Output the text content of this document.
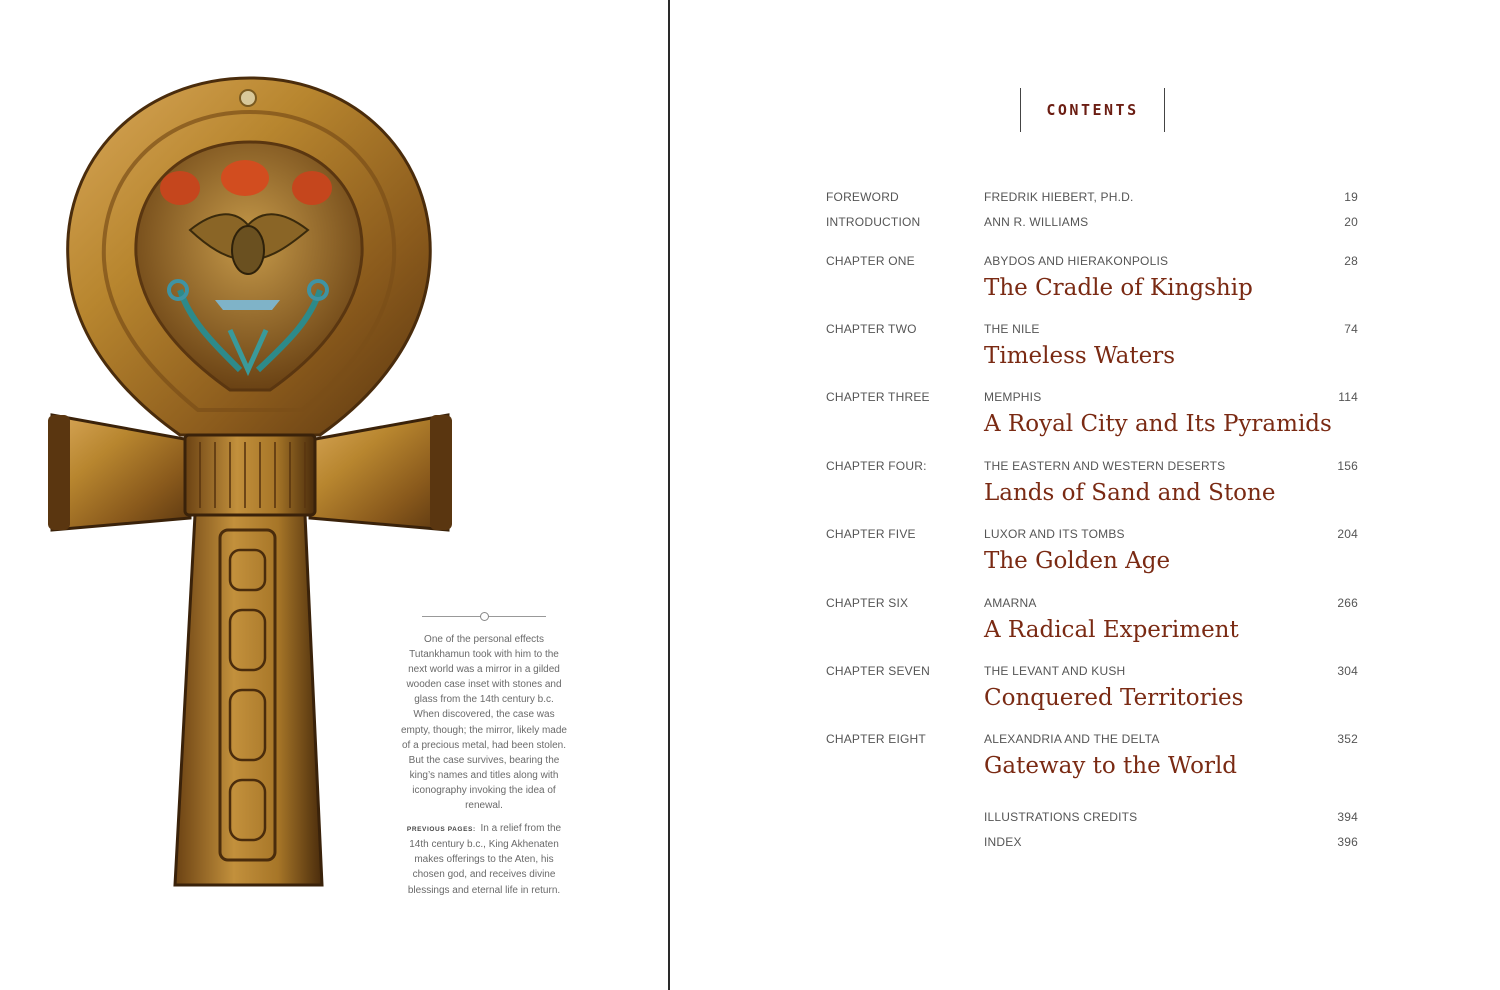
One of the personal effects Tutankhamun took with him to the next world was a mirror in a gilded wooden case inset with stones and glass from the 14th century b.c. When discovered, the case was empty, though; the mirror, likely made of a precious metal, had been stolen. But the case survives, bearing the king’s names and titles along with iconography invoking the idea of renewal.

PREVIOUS PAGES: In a relief from the 14th century b.c., King Akhenaten makes offerings to the Aten, his chosen god, and receives divine blessings and eternal life in return.

CONTENTS
FOREWORD	FREDRIK HIEBERT, PH.D.	19
INTRODUCTION	ANN R. WILLIAMS	20
CHAPTER ONE	ABYDOS AND HIERAKONPOLIS	28
The Cradle of Kingship
CHAPTER TWO	THE NILE	74
Timeless Waters
CHAPTER THREE	MEMPHIS	114
A Royal City and Its Pyramids
CHAPTER FOUR:	THE EASTERN AND WESTERN DESERTS	156
Lands of Sand and Stone
CHAPTER FIVE	LUXOR AND ITS TOMBS	204
The Golden Age
CHAPTER SIX	AMARNA	266
A Radical Experiment
CHAPTER SEVEN	THE LEVANT AND KUSH	304
Conquered Territories
CHAPTER EIGHT	ALEXANDRIA AND THE DELTA	352
Gateway to the World
ILLUSTRATIONS CREDITS	394
INDEX	396
